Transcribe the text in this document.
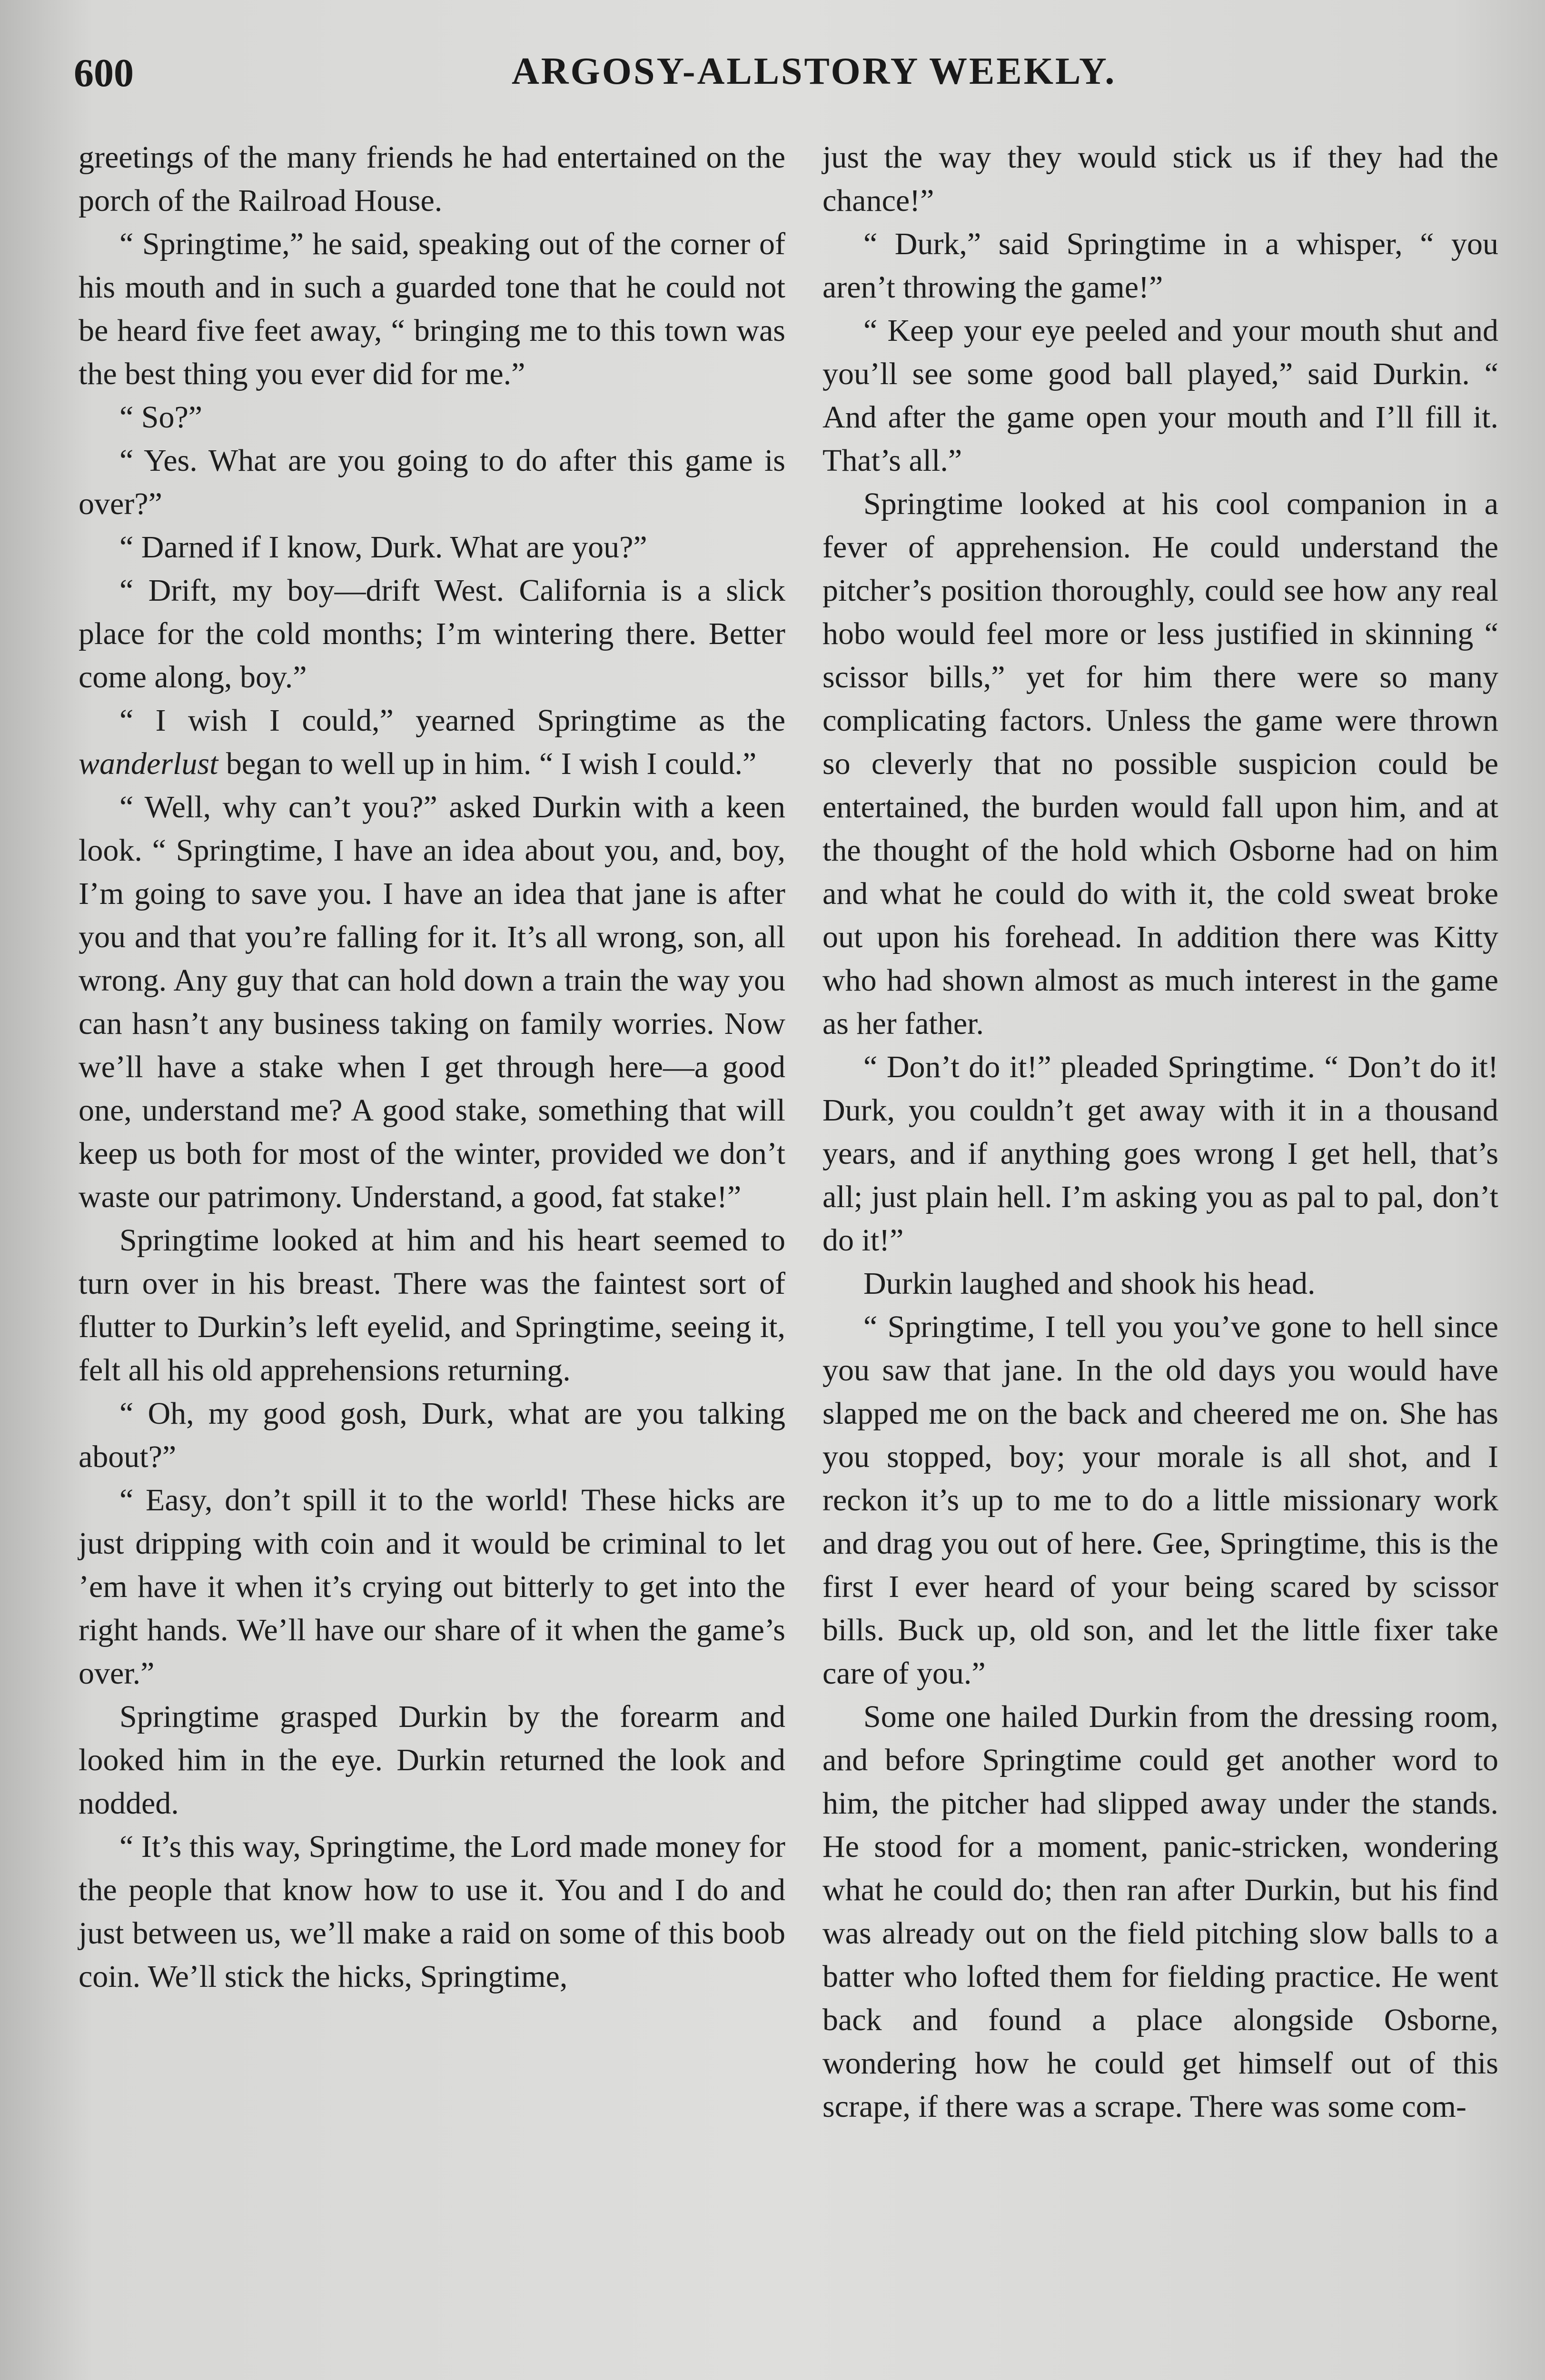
600	ARGOSY-ALLSTORY WEEKLY.

greetings of the many friends he had entertained on the porch of the Railroad House.

“ Springtime,” he said, speaking out of the corner of his mouth and in such a guarded tone that he could not be heard five feet away, “ bringing me to this town was the best thing you ever did for me.”

“ So?”

“ Yes. What are you going to do after this game is over?”

“ Darned if I know, Durk. What are you?”

“ Drift, my boy—drift West. California is a slick place for the cold months; I’m wintering there. Better come along, boy.”

“ I wish I could,” yearned Springtime as the wanderlust began to well up in him. “ I wish I could.”

“ Well, why can’t you?” asked Durkin with a keen look. “ Springtime, I have an idea about you, and, boy, I’m going to save you. I have an idea that jane is after you and that you’re falling for it. It’s all wrong, son, all wrong. Any guy that can hold down a train the way you can hasn’t any business taking on family worries. Now we’ll have a stake when I get through here—a good one, understand me? A good stake, something that will keep us both for most of the winter, provided we don’t waste our patrimony. Understand, a good, fat stake!”

Springtime looked at him and his heart seemed to turn over in his breast. There was the faintest sort of flutter to Durkin’s left eyelid, and Springtime, seeing it, felt all his old apprehensions returning.

“ Oh, my good gosh, Durk, what are you talking about?”

“ Easy, don’t spill it to the world! These hicks are just dripping with coin and it would be criminal to let ’em have it when it’s crying out bitterly to get into the right hands. We’ll have our share of it when the game’s over.”

Springtime grasped Durkin by the forearm and looked him in the eye. Durkin returned the look and nodded.

“ It’s this way, Springtime, the Lord made money for the people that know how to use it. You and I do and just between us, we’ll make a raid on some of this boob coin. We’ll stick the hicks, Springtime,

just the way they would stick us if they had the chance!”

“ Durk,” said Springtime in a whisper, “ you aren’t throwing the game!”

“ Keep your eye peeled and your mouth shut and you’ll see some good ball played,” said Durkin. “ And after the game open your mouth and I’ll fill it. That’s all.”

Springtime looked at his cool companion in a fever of apprehension. He could understand the pitcher’s position thoroughly, could see how any real hobo would feel more or less justified in skinning “ scissor bills,” yet for him there were so many complicating factors. Unless the game were thrown so cleverly that no possible suspicion could be entertained, the burden would fall upon him, and at the thought of the hold which Osborne had on him and what he could do with it, the cold sweat broke out upon his forehead. In addition there was Kitty who had shown almost as much interest in the game as her father.

“ Don’t do it!” pleaded Springtime. “ Don’t do it! Durk, you couldn’t get away with it in a thousand years, and if anything goes wrong I get hell, that’s all; just plain hell. I’m asking you as pal to pal, don’t do it!”

Durkin laughed and shook his head.

“ Springtime, I tell you you’ve gone to hell since you saw that jane. In the old days you would have slapped me on the back and cheered me on. She has you stopped, boy; your morale is all shot, and I reckon it’s up to me to do a little missionary work and drag you out of here. Gee, Springtime, this is the first I ever heard of your being scared by scissor bills. Buck up, old son, and let the little fixer take care of you.”

Some one hailed Durkin from the dressing room, and before Springtime could get another word to him, the pitcher had slipped away under the stands. He stood for a moment, panic-stricken, wondering what he could do; then ran after Durkin, but his find was already out on the field pitching slow balls to a batter who lofted them for fielding practice. He went back and found a place alongside Osborne, wondering how he could get himself out of this scrape, if there was a scrape. There was some com-
